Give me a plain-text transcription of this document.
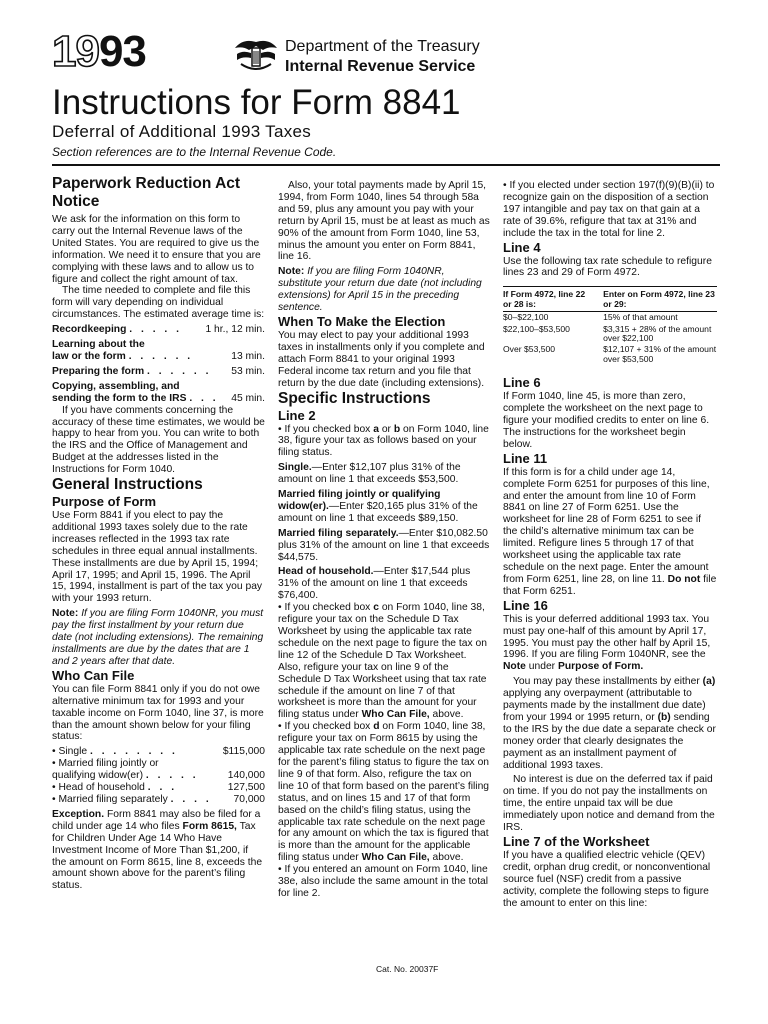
1993	Department of the Treasury
Internal Revenue Service
Instructions for Form 8841
Deferral of Additional 1993 Taxes
Section references are to the Internal Revenue Code.

Paperwork Reduction Act Notice

We ask for the information on this form to carry out the Internal Revenue laws of the United States. You are required to give us the information. We need it to ensure that you are complying with these laws and to allow us to figure and collect the right amount of tax.

The time needed to complete and file this form will vary depending on individual circumstances. The estimated average time is:

Recordkeeping . . . . . 1 hr., 12 min.
Learning about the
law or the form . . . . . .	13 min.
Preparing the form . . . . . . 53 min.
Copying, assembling, and
sending the form to the IRS . . . 45 min.

If you have comments concerning the accuracy of these time estimates, we would be happy to hear from you. You can write to both the IRS and the Office of Management and Budget at the addresses listed in the Instructions for Form 1040.

General Instructions

Purpose of Form

Use Form 8841 if you elect to pay the additional 1993 taxes solely due to the rate increases reflected in the 1993 tax rate schedules in three equal annual installments. These installments are due by April 15, 1994; April 17, 1995; and April 15, 1996. The April 15, 1994, installment is part of the tax you pay with your 1993 return.

Note: If you are filing Form 1040NR, you must pay the first installment by your return due date (not including extensions). The remaining installments are due by the dates that are 1 and 2 years after that date.

Who Can File

You can file Form 8841 only if you do not owe alternative minimum tax for 1993 and your taxable income on Form 1040, line 37, is more than the amount shown below for your filing status:

• Single . . . . . . . .	$115,000
• Married filing jointly or
qualifying widow(er) . . . . .	140,000
• Head of household . . .	127,500
• Married filing separately . . . . 70,000

Exception. Form 8841 may also be filed for a child under age 14 who files Form 8615, Tax for Children Under Age 14 Who Have Investment Income of More Than $1,200, if the amount on Form 8615, line 8, exceeds the amount shown above for the parent’s filing status.

Also, your total payments made by April 15, 1994, from Form 1040, lines 54 through 58a and 59, plus any amount you pay with your return by April 15, must be at least as much as 90% of the amount from Form 1040, line 53, minus the amount you enter on Form 8841, line 16.

Note: If you are filing Form 1040NR, substitute your return due date (not including extensions) for April 15 in the preceding sentence.

When To Make the Election

You may elect to pay your additional 1993 taxes in installments only if you complete and attach Form 8841 to your original 1993 Federal income tax return and you file that return by the due date (including extensions).

Specific Instructions

Line 2

• If you checked box a or b on Form 1040, line 38, figure your tax as follows based on your filing status.

Single.—Enter $12,107 plus 31% of the amount on line 1 that exceeds $53,500.

Married filing jointly or qualifying widow(er).—Enter $20,165 plus 31% of the amount on line 1 that exceeds $89,150.

Married filing separately.—Enter $10,082.50 plus 31% of the amount on line 1 that exceeds $44,575.

Head of household.—Enter $17,544 plus 31% of the amount on line 1 that exceeds $76,400.

• If you checked box c on Form 1040, line 38, refigure your tax on the Schedule D Tax Worksheet by using the applicable tax rate schedule on the next page to figure the tax on line 12 of the Schedule D Tax Worksheet. Also, refigure your tax on line 9 of the Schedule D Tax Worksheet using that tax rate schedule if the amount on line 7 of that worksheet is more than the amount for your filing status under Who Can File, above.

• If you checked box d on Form 1040, line 38, refigure your tax on Form 8615 by using the applicable tax rate schedule on the next page for the parent’s filing status to figure the tax on line 9 of that form. Also, refigure the tax on line 10 of that form based on the parent’s filing status, and on lines 15 and 17 of that form based on the child’s filing status, using the applicable tax rate schedule on the next page for any amount on which the tax is figured that is more than the amount for the applicable filing status under Who Can File, above.

• If you entered an amount on Form 1040, line 38e, also include the same amount in the total for line 2.

• If you elected under section 197(f)(9)(B)(ii) to recognize gain on the disposition of a section 197 intangible and pay tax on that gain at a rate of 39.6%, refigure that tax at 31% and include the tax in the total for line 2.

Line 4

Use the following tax rate schedule to refigure lines 23 and 29 of Form 4972.

If Form 4972, line 22 or 28 is:	Enter on Form 4972, line 23 or 29:
$0–$22,100	15% of that amount
$22,100–$53,500	$3,315 + 28% of the amount over $22,100
Over $53,500	$12,107 + 31% of the amount over $53,500

Line 6

If Form 1040, line 45, is more than zero, complete the worksheet on the next page to figure your modified credits to enter on line 6. The instructions for the worksheet begin below.

Line 11

If this form is for a child under age 14, complete Form 6251 for purposes of this line, and enter the amount from line 10 of Form 8841 on line 27 of Form 6251. Use the worksheet for line 28 of Form 6251 to see if the child’s alternative minimum tax can be limited. Refigure lines 5 through 17 of that worksheet using the applicable tax rate schedule on the next page. Enter the amount from Form 6251, line 28, on line 11. Do not file that Form 6251.

Line 16

This is your deferred additional 1993 tax. You must pay one-half of this amount by April 17, 1995. You must pay the other half by April 15, 1996. If you are filing Form 1040NR, see the Note under Purpose of Form.

You may pay these installments by either (a) applying any overpayment (attributable to payments made by the installment due date) from your 1994 or 1995 return, or (b) sending to the IRS by the due date a separate check or money order that clearly designates the payment as an installment payment of additional 1993 taxes.

No interest is due on the deferred tax if paid on time. If you do not pay the installments on time, the entire unpaid tax will be due immediately upon notice and demand from the IRS.

Line 7 of the Worksheet

If you have a qualified electric vehicle (QEV) credit, orphan drug credit, or nonconventional source fuel (NSF) credit from a passive activity, complete the following steps to figure the amount to enter on this line:

Cat. No. 20037F
